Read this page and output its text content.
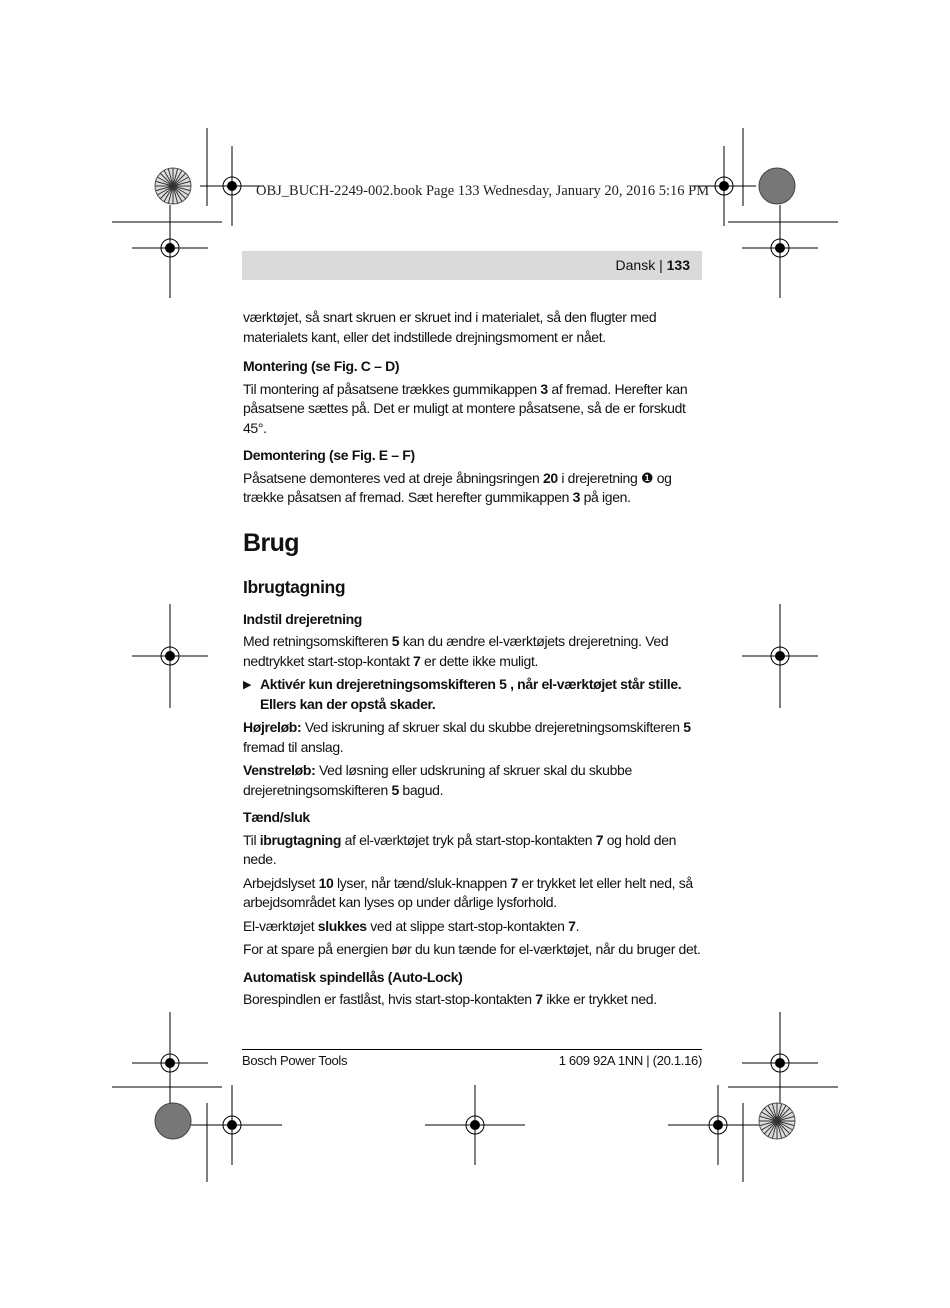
OBJ_BUCH-2249-002.book Page 133 Wednesday, January 20, 2016 5:16 PM
Dansk | 133

værktøjet, så snart skruen er skruet ind i materialet, så den flugter med materialets kant, eller det indstillede drejningsmoment er nået.

Montering (se Fig. C – D)

Til montering af påsatsene trækkes gummikappen 3 af fremad. Herefter kan påsatsene sættes på. Det er muligt at montere påsatsene, så de er forskudt 45°.

Demontering (se Fig. E – F)

Påsatsene demonteres ved at dreje åbningsringen 20 i drejeretning ❶ og trække påsatsen af fremad. Sæt herefter gummikappen 3 på igen.

Brug
Ibrugtagning
Indstil drejeretning

Med retningsomskifteren 5 kan du ændre el-værktøjets drejeretning. Ved nedtrykket start-stop-kontakt 7 er dette ikke muligt.

▶ Aktivér kun drejeretningsomskifteren 5 , når el-værktøjet står stille. Ellers kan der opstå skader.

Højreløb: Ved iskruning af skruer skal du skubbe drejeretningsomskifteren 5 fremad til anslag.

Venstreløb: Ved løsning eller udskruning af skruer skal du skubbe drejeretningsomskifteren 5 bagud.

Tænd/sluk

Til ibrugtagning af el-værktøjet tryk på start-stop-kontakten 7 og hold den nede.

Arbejdslyset 10 lyser, når tænd/sluk-knappen 7 er trykket let eller helt ned, så arbejdsområdet kan lyses op under dårlige lysforhold.

El-værktøjet slukkes ved at slippe start-stop-kontakten 7.

For at spare på energien bør du kun tænde for el-værktøjet, når du bruger det.

Automatisk spindellås (Auto-Lock)

Borespindlen er fastlåst, hvis start-stop-kontakten 7 ikke er trykket ned.

Bosch Power Tools	1 609 92A 1NN | (20.1.16)
